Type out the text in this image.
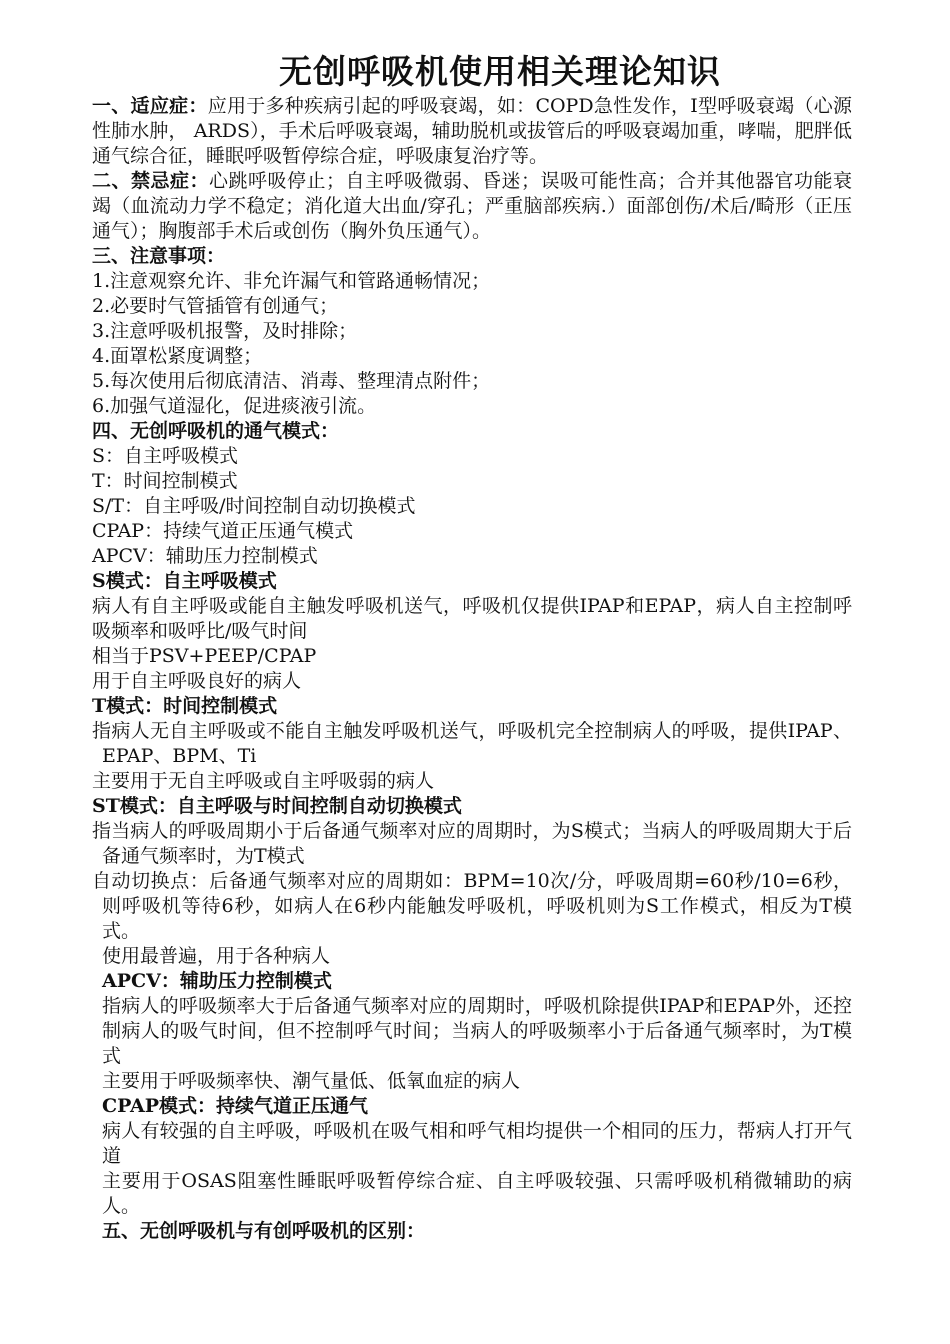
无创呼吸机使用相关理论知识

一、适应症：应用于多种疾病引起的呼吸衰竭，如：COPD急性发作，Ⅰ型呼吸衰竭（心源性肺水肿， ARDS），手术后呼吸衰竭，辅助脱机或拔管后的呼吸衰竭加重，哮喘，肥胖低通气综合征，睡眠呼吸暂停综合症，呼吸康复治疗等。

二、禁忌症：心跳呼吸停止；自主呼吸微弱、昏迷；误吸可能性高；合并其他器官功能衰竭（血流动力学不稳定；消化道大出血/穿孔；严重脑部疾病.）面部创伤/术后/畸形（正压通气）；胸腹部手术后或创伤（胸外负压通气）。

三、注意事项：

1.注意观察允许、非允许漏气和管路通畅情况；

2.必要时气管插管有创通气；

3.注意呼吸机报警，及时排除；

4.面罩松紧度调整；

5.每次使用后彻底清洁、消毒、整理清点附件；

6.加强气道湿化，促进痰液引流。

四、无创呼吸机的通气模式：

S：自主呼吸模式

T：时间控制模式

S/T：自主呼吸/时间控制自动切换模式

CPAP：持续气道正压通气模式

APCV：辅助压力控制模式

S模式：自主呼吸模式

病人有自主呼吸或能自主触发呼吸机送气，呼吸机仅提供IPAP和EPAP，病人自主控制呼吸频率和吸呼比/吸气时间

相当于PSV+PEEP/CPAP

用于自主呼吸良好的病人

T模式：时间控制模式

指病人无自主呼吸或不能自主触发呼吸机送气，呼吸机完全控制病人的呼吸，提供IPAP、EPAP、BPM、Ti

主要用于无自主呼吸或自主呼吸弱的病人

ST模式：自主呼吸与时间控制自动切换模式

指当病人的呼吸周期小于后备通气频率对应的周期时，为S模式；当病人的呼吸周期大于后备通气频率时，为T模式

自动切换点：后备通气频率对应的周期如：BPM=10次/分，呼吸周期=60秒/10=6秒，则呼吸机等待6秒，如病人在6秒内能触发呼吸机，呼吸机则为S工作模式，相反为T模式。

使用最普遍，用于各种病人

APCV：辅助压力控制模式

指病人的呼吸频率大于后备通气频率对应的周期时，呼吸机除提供IPAP和EPAP外，还控制病人的吸气时间，但不控制呼气时间；当病人的呼吸频率小于后备通气频率时，为T模式

主要用于呼吸频率快、潮气量低、低氧血症的病人

CPAP模式：持续气道正压通气

病人有较强的自主呼吸，呼吸机在吸气相和呼气相均提供一个相同的压力，帮病人打开气道

主要用于OSAS阻塞性睡眠呼吸暂停综合症、自主呼吸较强、只需呼吸机稍微辅助的病人。

五、无创呼吸机与有创呼吸机的区别：
